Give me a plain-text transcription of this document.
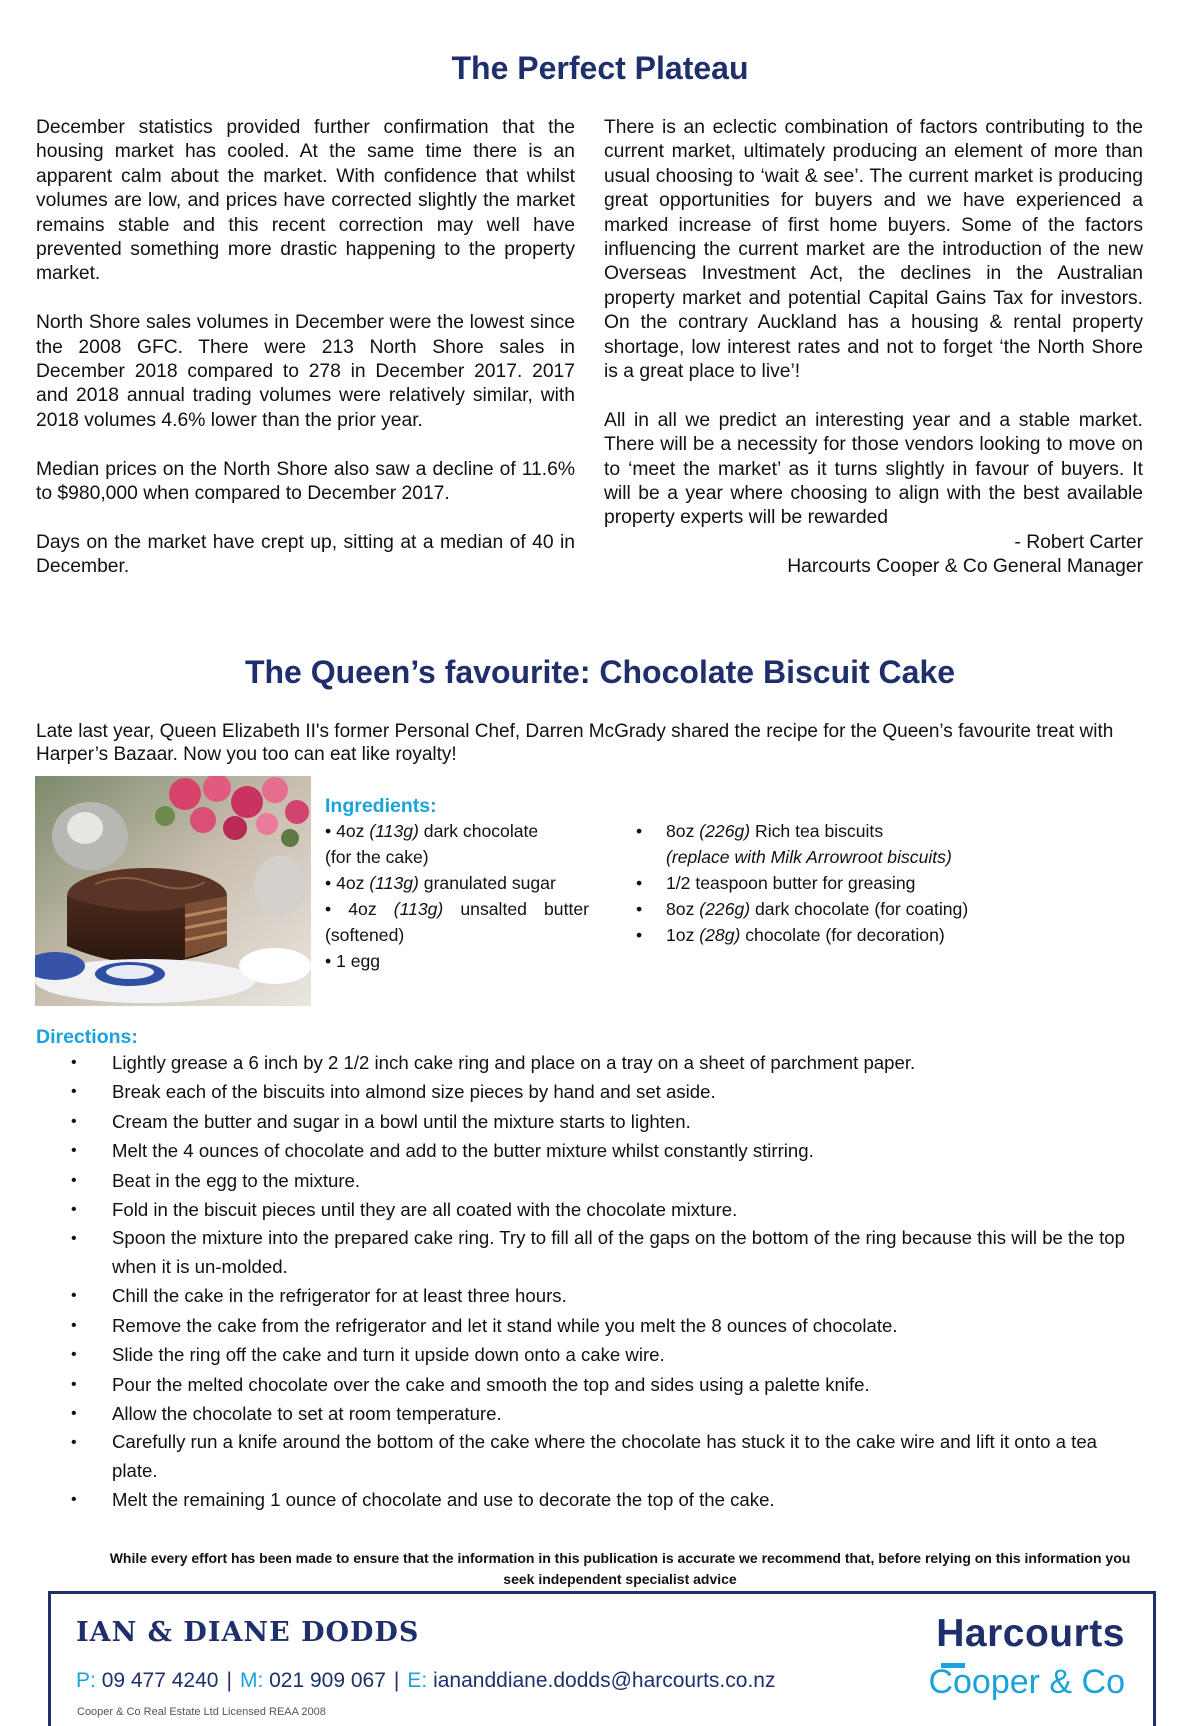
The Perfect Plateau

December statistics provided further confirmation that the housing market has cooled. At the same time there is an apparent calm about the market. With confidence that whilst volumes are low, and prices have corrected slightly the market remains stable and this recent correction may well have prevented something more drastic happening to the property market.

North Shore sales volumes in December were the lowest since the 2008 GFC. There were 213 North Shore sales in December 2018 compared to 278 in December 2017. 2017 and 2018 annual trading volumes were relatively similar, with 2018 volumes 4.6% lower than the prior year.

Median prices on the North Shore also saw a decline of 11.6% to $980,000 when compared to December 2017.

Days on the market have crept up, sitting at a median of 40 in December.

There is an eclectic combination of factors contributing to the current market, ultimately producing an element of more than usual choosing to ‘wait & see’. The current market is producing great opportunities for buyers and we have experienced a marked increase of first home buyers. Some of the factors influencing the current market are the introduction of the new Overseas Investment Act, the declines in the Australian property market and potential Capital Gains Tax for investors. On the contrary Auckland has a housing & rental property shortage, low interest rates and not to forget ‘the North Shore is a great place to live’!

All in all we predict an interesting year and a stable market. There will be a necessity for those vendors looking to move on to ‘meet the market’ as it turns slightly in favour of buyers. It will be a year where choosing to align with the best available property experts will be rewarded

- Robert Carter
Harcourts Cooper & Co General Manager
The Queen’s favourite: Chocolate Biscuit Cake
Late last year, Queen Elizabeth II's former Personal Chef, Darren McGrady shared the recipe for the Queen’s favourite treat with Harper’s Bazaar. Now you too can eat like royalty!
Ingredients:
• 4oz (113g) dark chocolate
(for the cake)
• 4oz (113g) granulated sugar
• 4oz (113g) unsalted butter
(softened)
• 1 egg
• 8oz (226g) Rich tea biscuits
(replace with Milk Arrowroot biscuits)
• 1/2 teaspoon butter for greasing
• 8oz (226g) dark chocolate (for coating)
• 1oz (28g) chocolate (for decoration)
Directions:
• Lightly grease a 6 inch by 2 1/2 inch cake ring and place on a tray on a sheet of parchment paper.
• Break each of the biscuits into almond size pieces by hand and set aside.
• Cream the butter and sugar in a bowl until the mixture starts to lighten.
• Melt the 4 ounces of chocolate and add to the butter mixture whilst constantly stirring.
• Beat in the egg to the mixture.
• Fold in the biscuit pieces until they are all coated with the chocolate mixture.
• Spoon the mixture into the prepared cake ring. Try to fill all of the gaps on the bottom of the ring because this will be the top when it is un-molded.
• Chill the cake in the refrigerator for at least three hours.
• Remove the cake from the refrigerator and let it stand while you melt the 8 ounces of chocolate.
• Slide the ring off the cake and turn it upside down onto a cake wire.
• Pour the melted chocolate over the cake and smooth the top and sides using a palette knife.
• Allow the chocolate to set at room temperature.
• Carefully run a knife around the bottom of the cake where the chocolate has stuck it to the cake wire and lift it onto a tea plate.
• Melt the remaining 1 ounce of chocolate and use to decorate the top of the cake.
While every effort has been made to ensure that the information in this publication is accurate we recommend that, before relying on this information you seek independent specialist advice
IAN & DIANE DODDS
P: 09 477 4240 | M: 021 909 067 | E: iananddiane.dodds@harcourts.co.nz
Cooper & Co Real Estate Ltd Licensed REAA 2008
Harcourts
Cooper & Co
